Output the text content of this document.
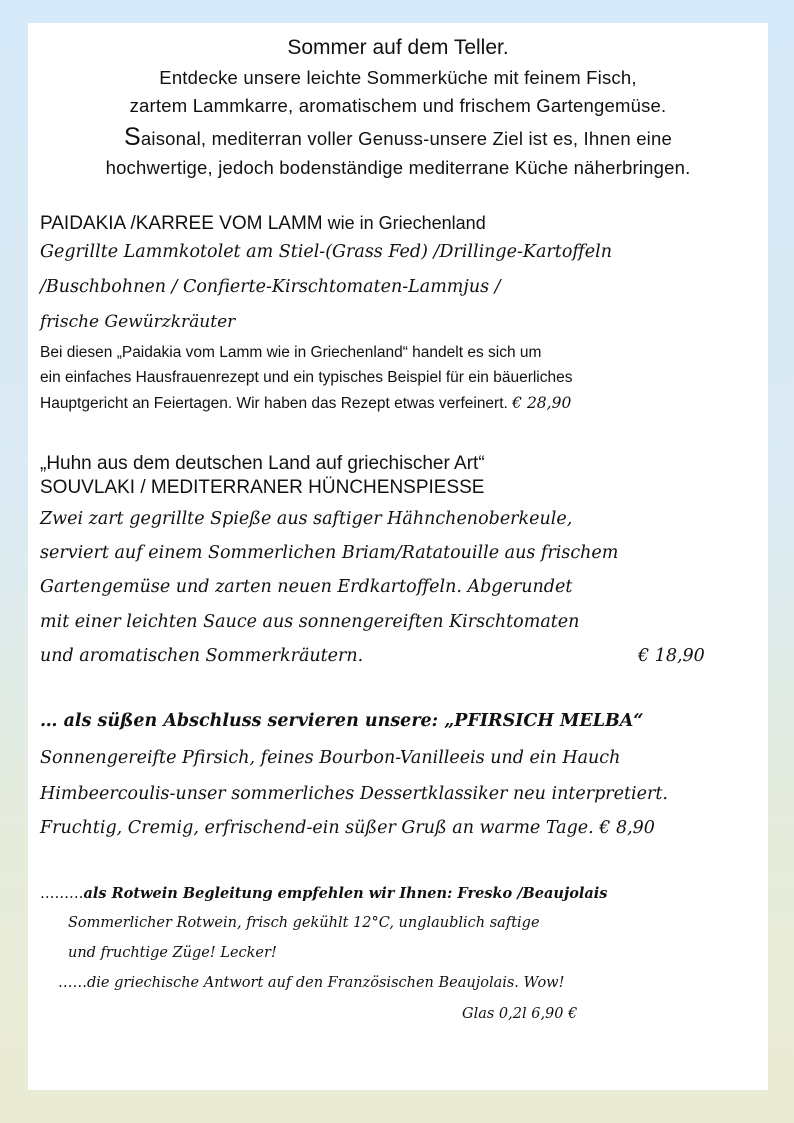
Sommer auf dem Teller.
Entdecke unsere leichte Sommerküche mit feinem Fisch,
zartem Lammkarre, aromatischem und frischem Gartengemüse.
Saisonal, mediterran voller Genuss-unsere Ziel ist es, Ihnen eine
hochwertige, jedoch bodenständige mediterrane Küche näherbringen.
PAIDAKIA /KARREE VOM LAMM wie in Griechenland
Gegrillte Lammkotolet am Stiel-(Grass Fed) /Drillinge-Kartoffeln
/Buschbohnen / Confierte-Kirschtomaten-Lammjus /
frische Gewürzkräuter
Bei diesen „Paidakia vom Lamm wie in Griechenland“ handelt es sich um
ein einfaches Hausfrauenrezept und ein typisches Beispiel für ein bäuerliches
Hauptgericht an Feiertagen. Wir haben das Rezept etwas verfeinert. € 28,90
„Huhn aus dem deutschen Land auf griechischer Art“
SOUVLAKI / MEDITERRANER HÜNCHENSPIESSE
Zwei zart gegrillte Spieße aus saftiger Hähnchenoberkeule,
serviert auf einem Sommerlichen Briam/Ratatouille aus frischem
Gartengemüse und zarten neuen Erdkartoffeln. Abgerundet
mit einer leichten Sauce aus sonnengereiften Kirschtomaten
und aromatischen Sommerkräutern.	€ 18,90
… als süßen Abschluss servieren unsere: „PFIRSICH MELBA“
Sonnengereifte Pfirsich, feines Bourbon-Vanilleeis und ein Hauch
Himbeercoulis-unser sommerliches Dessertklassiker neu interpretiert.
Fruchtig, Cremig, erfrischend-ein süßer Gruß an warme Tage. € 8,90
………als Rotwein Begleitung empfehlen wir Ihnen: Fresko /Beaujolais
Sommerlicher Rotwein, frisch gekühlt 12°C, unglaublich saftige
und fruchtige Züge! Lecker!
……die griechische Antwort auf den Französischen Beaujolais. Wow!
Glas 0,2l 6,90 €
